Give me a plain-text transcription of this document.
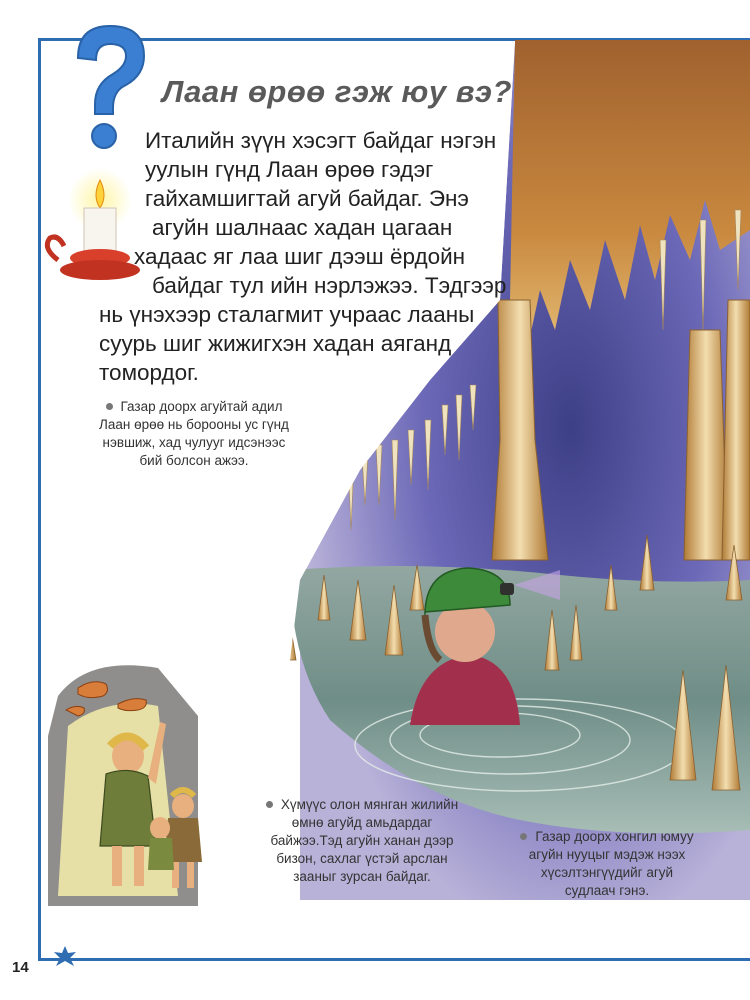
Лаан өрөө гэж юу вэ?
Италийн зүүн хэсэгт байдаг нэгэн
уулын гүнд Лаан өрөө гэдэг
гайхамшигтай агуй байдаг. Энэ
агуйн шалнаас хадан цагаан
хадаас яг лаа шиг дээш ёрдойн
байдаг тул ийн нэрлэжээ. Тэдгээр
нь үнэхээр сталагмит учраас лааны
суурь шиг жижигхэн хадан аяганд
томордог.
Газар доорх агуйтай адил
Лаан өрөө нь борооны ус гүнд
нэвшиж, хад чулууг идсэнээс
бий болсон ажээ.
Хүмүүс олон мянган жилийн
өмнө агуйд амьдардаг
байжээ.Тэд агуйн ханан дээр
бизон, сахлаг үстэй арслан
зааныг зурсан байдаг.
Газар доорх хонгил юмуу
агуйн нууцыг мэдэж нээх
хүсэлтэнгүүдийг агуй
судлаач гэнэ.
14
